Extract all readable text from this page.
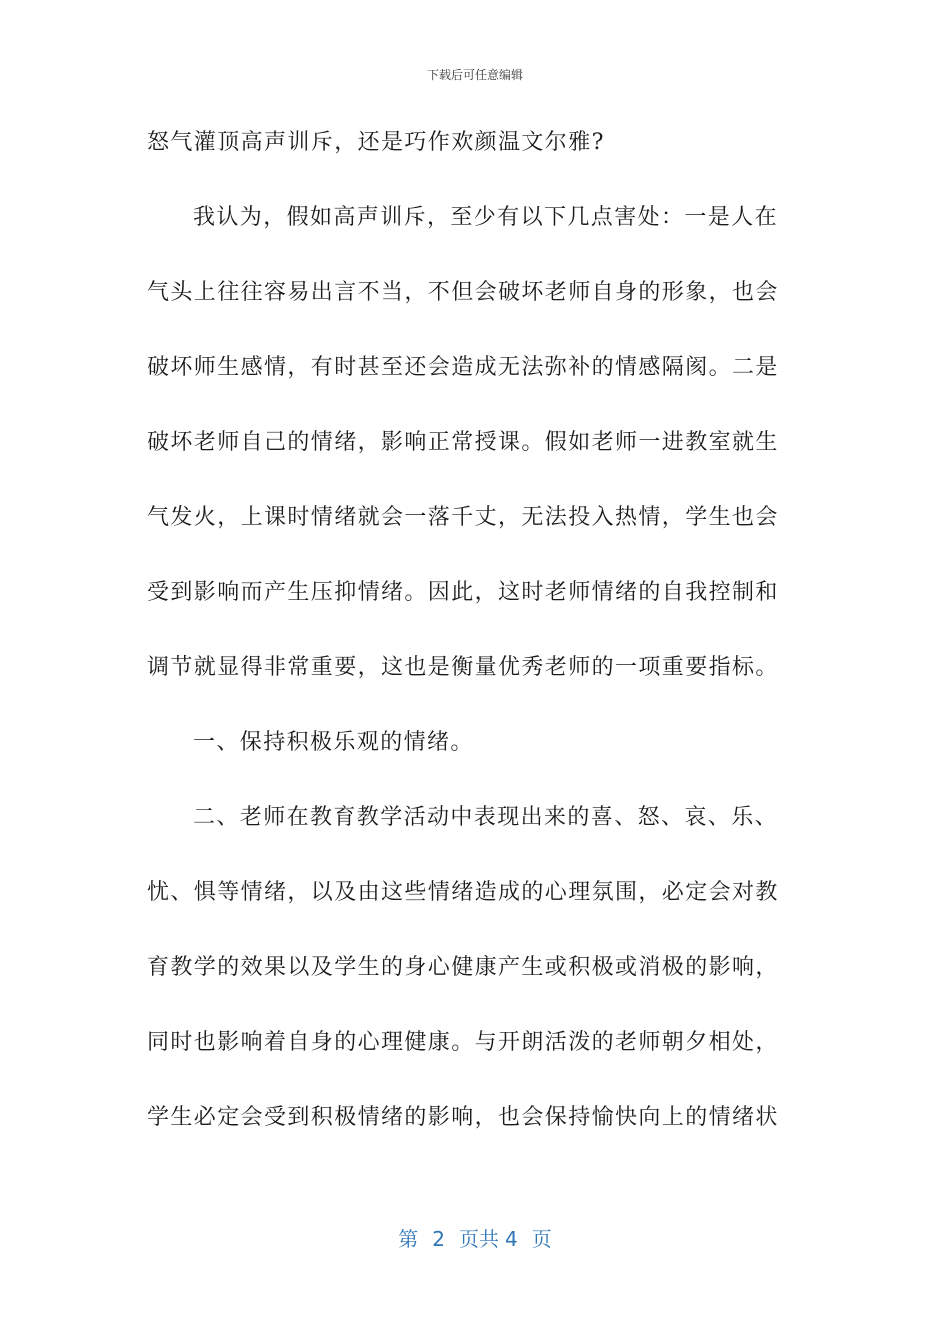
下载后可任意编辑
怒气灌顶高声训斥，还是巧作欢颜温文尔雅?
我认为，假如高声训斥，至少有以下几点害处：一是人在
气头上往往容易出言不当，不但会破坏老师自身的形象，也会
破坏师生感情，有时甚至还会造成无法弥补的情感隔阂。二是
破坏老师自己的情绪，影响正常授课。假如老师一进教室就生
气发火，上课时情绪就会一落千丈，无法投入热情，学生也会
受到影响而产生压抑情绪。因此，这时老师情绪的自我控制和
调节就显得非常重要，这也是衡量优秀老师的一项重要指标。
一、保持积极乐观的情绪。
二、老师在教育教学活动中表现出来的喜、怒、哀、乐、
忧、惧等情绪，以及由这些情绪造成的心理氛围，必定会对教
育教学的效果以及学生的身心健康产生或积极或消极的影响，
同时也影响着自身的心理健康。与开朗活泼的老师朝夕相处，
学生必定会受到积极情绪的影响，也会保持愉快向上的情绪状
第 2 页共 4 页
